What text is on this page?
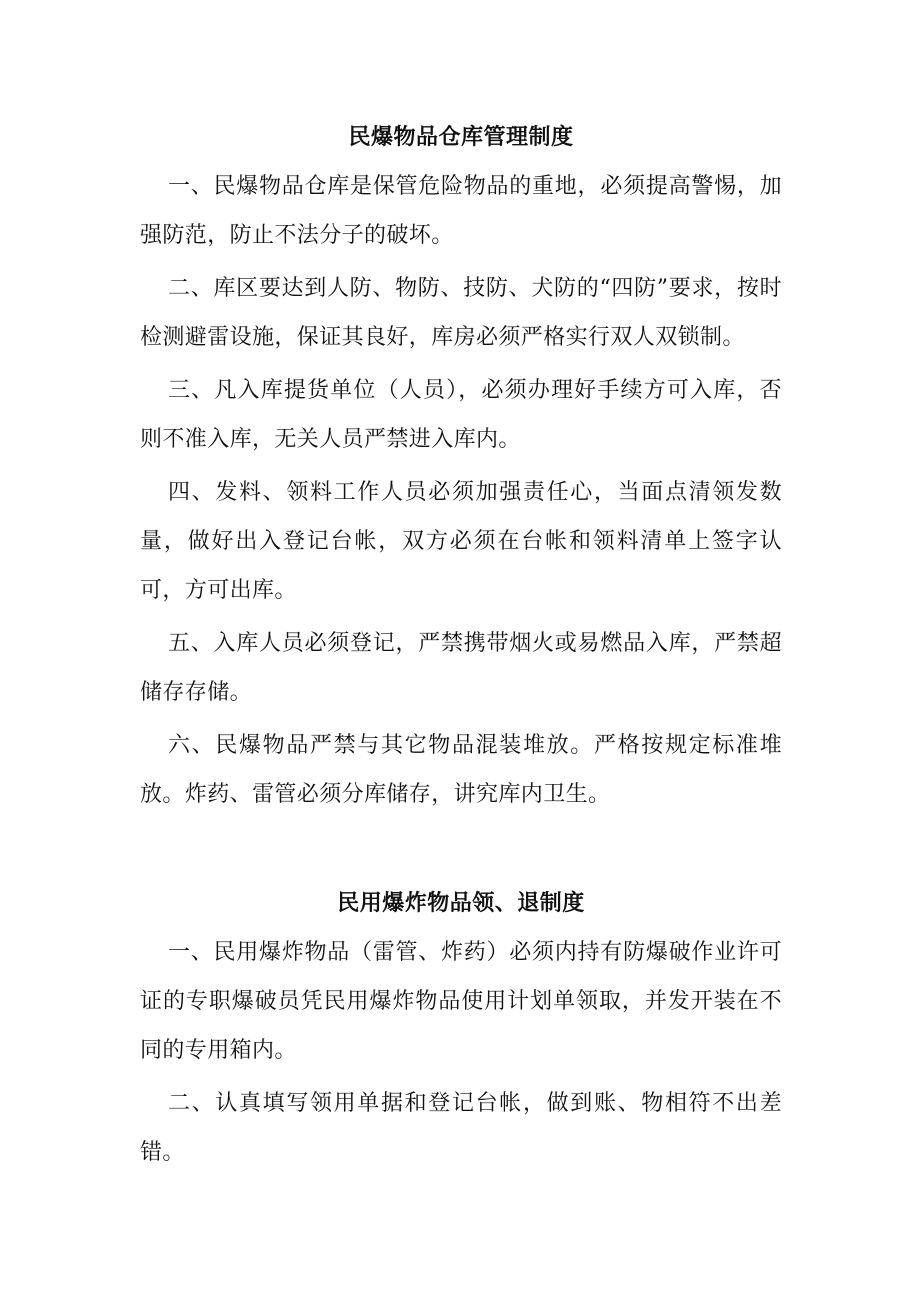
民爆物品仓库管理制度

一、民爆物品仓库是保管危险物品的重地，必须提高警惕，加强防范，防止不法分子的破坏。

二、库区要达到人防、物防、技防、犬防的“四防”要求，按时检测避雷设施，保证其良好，库房必须严格实行双人双锁制。

三、凡入库提货单位（人员），必须办理好手续方可入库，否则不准入库，无关人员严禁进入库内。

四、发料、领料工作人员必须加强责任心，当面点清领发数量，做好出入登记台帐，双方必须在台帐和领料清单上签字认可，方可出库。

五、入库人员必须登记，严禁携带烟火或易燃品入库，严禁超储存存储。

六、民爆物品严禁与其它物品混装堆放。严格按规定标准堆放。炸药、雷管必须分库储存，讲究库内卫生。

民用爆炸物品领、退制度

一、民用爆炸物品（雷管、炸药）必须内持有防爆破作业许可证的专职爆破员凭民用爆炸物品使用计划单领取，并发开装在不同的专用箱内。

二、认真填写领用单据和登记台帐，做到账、物相符不出差错。
